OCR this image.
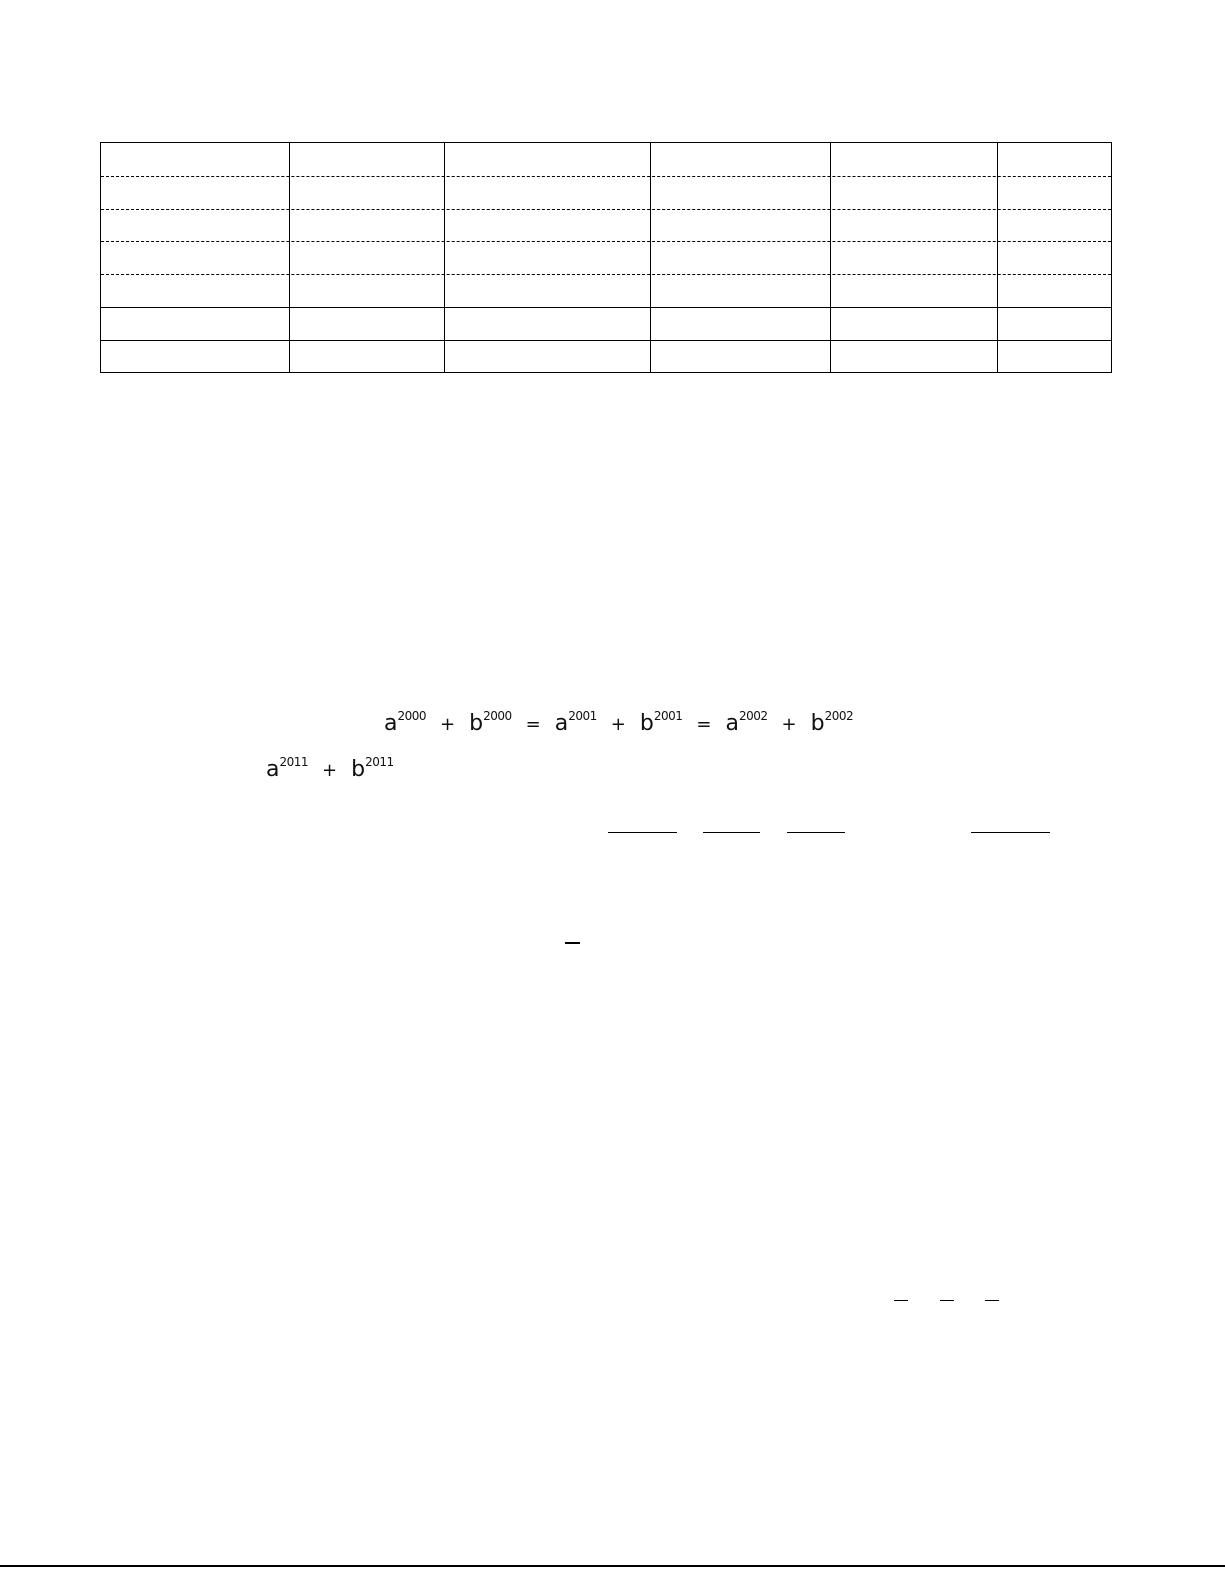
$a^{2000} + b^{2000} = a^{2001} + b^{2001} = a^{2002} + b^{2002}$
$a^{2011} + b^{2011}$
